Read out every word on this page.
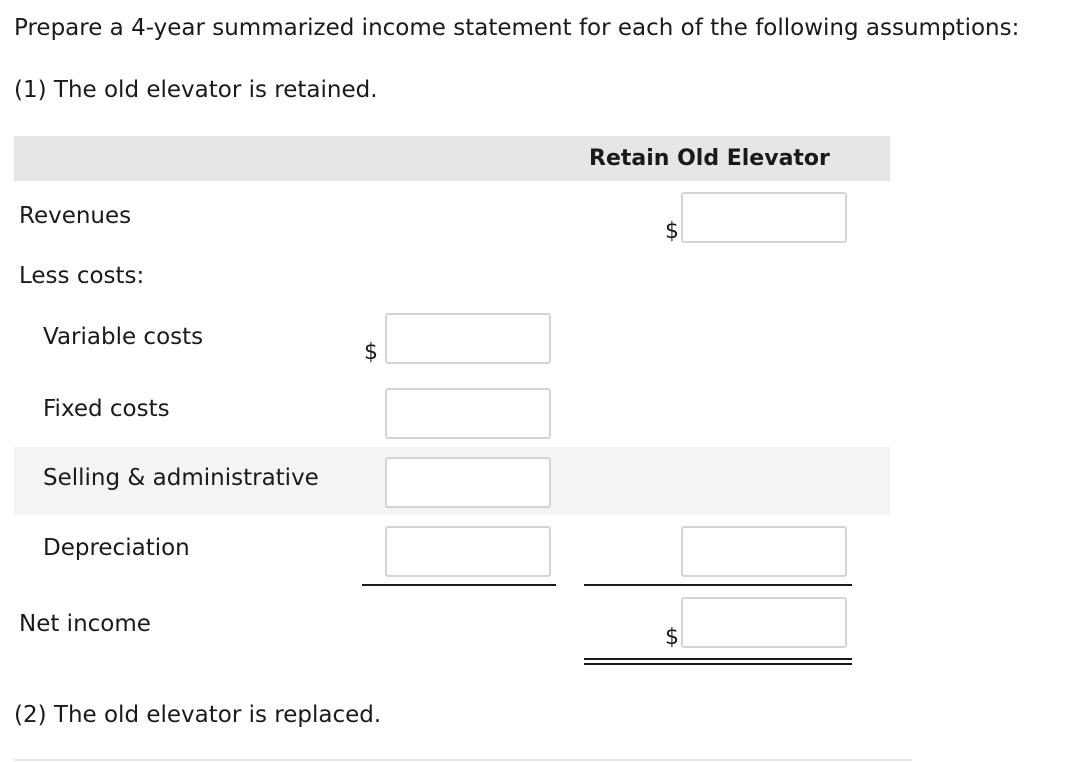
Prepare a 4-year summarized income statement for each of the following assumptions:
(1) The old elevator is retained.
Retain Old Elevator
Revenues
$
Less costs:
Variable costs
$
Fixed costs
Selling & administrative
Depreciation
Net income
$
(2) The old elevator is replaced.
